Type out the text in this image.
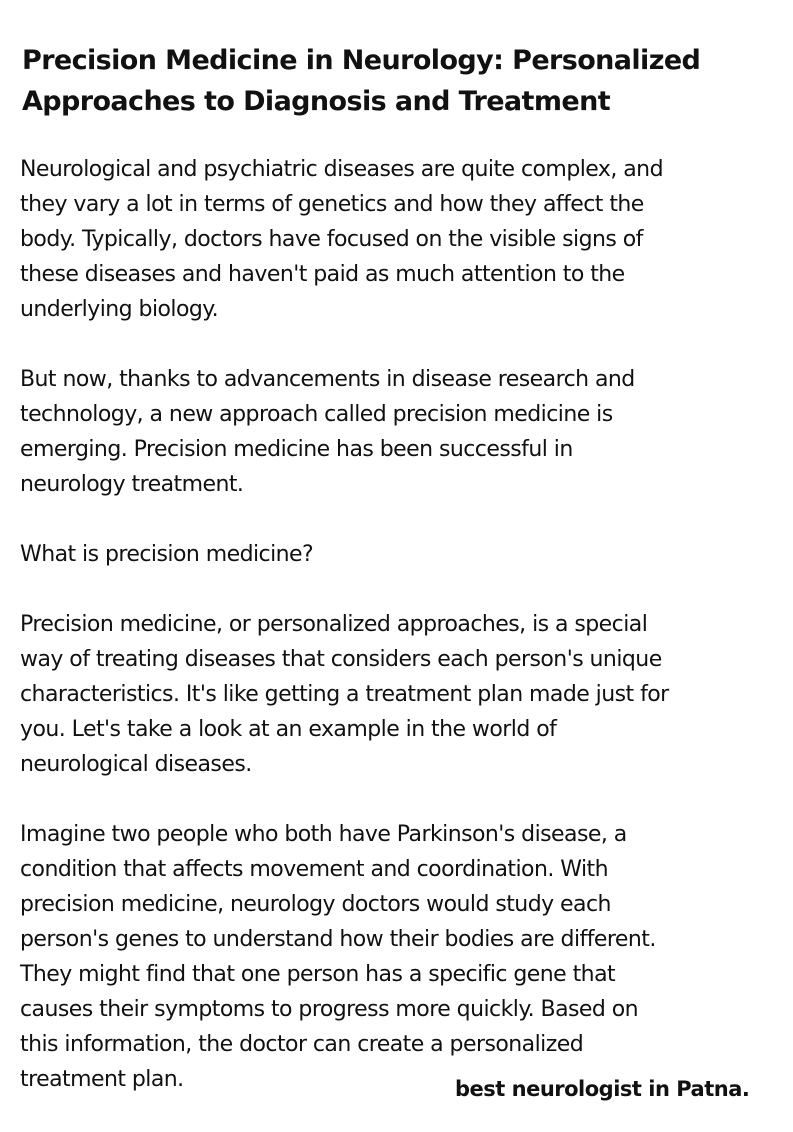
Precision Medicine in Neurology: Personalized
Approaches to Diagnosis and Treatment

Neurological and psychiatric diseases are quite complex, and
they vary a lot in terms of genetics and how they affect the
body. Typically, doctors have focused on the visible signs of
these diseases and haven't paid as much attention to the
underlying biology.

But now, thanks to advancements in disease research and
technology, a new approach called precision medicine is
emerging. Precision medicine has been successful in
neurology treatment.

What is precision medicine?

Precision medicine, or personalized approaches, is a special
way of treating diseases that considers each person's unique
characteristics. It's like getting a treatment plan made just for
you. Let's take a look at an example in the world of
neurological diseases.

Imagine two people who both have Parkinson's disease, a
condition that affects movement and coordination. With
precision medicine, neurology doctors would study each
person's genes to understand how their bodies are different.
They might find that one person has a specific gene that
causes their symptoms to progress more quickly. Based on
this information, the doctor can create a personalized
treatment plan.	best neurologist in Patna.
